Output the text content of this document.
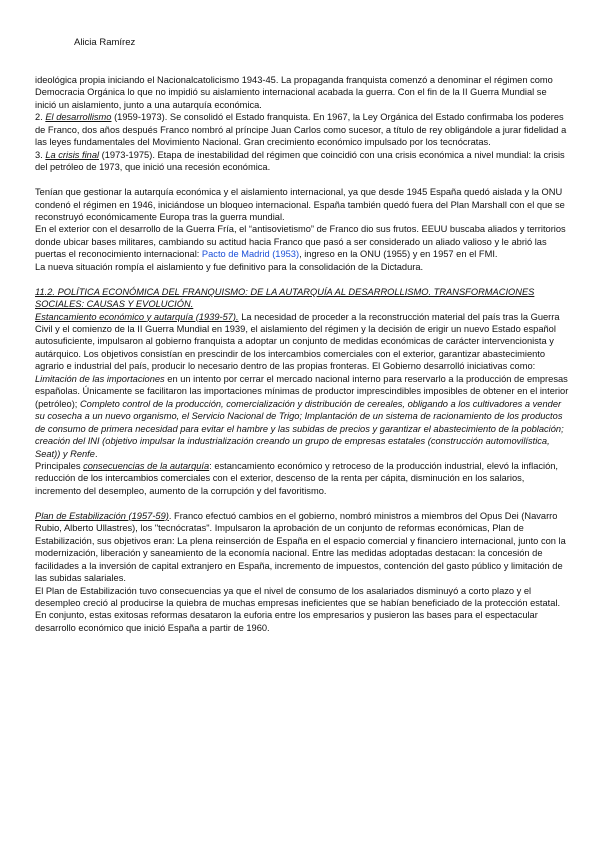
Alicia Ramírez

ideológica propia iniciando el Nacionalcatolicismo 1943-45. La propaganda franquista comenzó a denominar el régimen como Democracia Orgánica lo que no impidió su aislamiento internacional acabada la guerra. Con el fin de la II Guerra Mundial se inició un aislamiento, junto a una autarquía económica.

2. El desarrollismo (1959-1973). Se consolidó el Estado franquista. En 1967, la Ley Orgánica del Estado confirmaba los poderes de Franco, dos años después Franco nombró al príncipe Juan Carlos como sucesor, a título de rey obligándole a jurar fidelidad a las leyes fundamentales del Movimiento Nacional. Gran crecimiento económico impulsado por los tecnócratas.

3. La crisis final (1973-1975). Etapa de inestabilidad del régimen que coincidió con una crisis económica a nivel mundial: la crisis del petróleo de 1973, que inició una recesión económica.

Tenían que gestionar la autarquía económica y el aislamiento internacional, ya que desde 1945 España quedó aislada y la ONU condenó el régimen en 1946, iniciándose un bloqueo internacional. España también quedó fuera del Plan Marshall con el que se reconstruyó económicamente Europa tras la guerra mundial.

En el exterior con el desarrollo de la Guerra Fría, el “antisovietismo” de Franco dio sus frutos. EEUU buscaba aliados y territorios donde ubicar bases militares, cambiando su actitud hacia Franco que pasó a ser considerado un aliado valioso y le abrió las puertas el reconocimiento internacional: Pacto de Madrid (1953), ingreso en la ONU (1955) y en 1957 en el FMI.

La nueva situación rompía el aislamiento y fue definitivo para la consolidación de la Dictadura.

11.2. POLÍTICA ECONÓMICA DEL FRANQUISMO: DE LA AUTARQUÍA AL DESARROLLISMO. TRANSFORMACIONES SOCIALES: CAUSAS Y EVOLUCIÓN.

Estancamiento económico y autarquía (1939-57). La necesidad de proceder a la reconstrucción material del país tras la Guerra Civil y el comienzo de la II Guerra Mundial en 1939, el aislamiento del régimen y la decisión de erigir un nuevo Estado español autosuficiente, impulsaron al gobierno franquista a adoptar un conjunto de medidas económicas de carácter intervencionista y autárquico. Los objetivos consistían en prescindir de los intercambios comerciales con el exterior, garantizar abastecimiento agrario e industrial del país, producir lo necesario dentro de las propias fronteras. El Gobierno desarrolló iniciativas como: Limitación de las importaciones en un intento por cerrar el mercado nacional interno para reservarlo a la producción de empresas españolas. Únicamente se facilitaron las importaciones mínimas de productor imprescindibles imposibles de obtener en el interior (petróleo); Completo control de la producción, comercialización y distribución de cereales, obligando a los cultivadores a vender su cosecha a un nuevo organismo, el Servicio Nacional de Trigo; Implantación de un sistema de racionamiento de los productos de consumo de primera necesidad para evitar el hambre y las subidas de precios y garantizar el abastecimiento de la población; creación del INI (objetivo impulsar la industrialización creando un grupo de empresas estatales (construcción automovilística, Seat)) y Renfe.

Principales consecuencias de la autarquía: estancamiento económico y retroceso de la producción industrial, elevó la inflación, reducción de los intercambios comerciales con el exterior, descenso de la renta per cápita, disminución en los salarios, incremento del desempleo, aumento de la corrupción y del favoritismo.

Plan de Estabilización (1957-59). Franco efectuó cambios en el gobierno, nombró ministros a miembros del Opus Dei (Navarro Rubio, Alberto Ullastres), los "tecnócratas". Impulsaron la aprobación de un conjunto de reformas económicas, Plan de Estabilización, sus objetivos eran: La plena reinserción de España en el espacio comercial y financiero internacional, junto con la modernización, liberación y saneamiento de la economía nacional. Entre las medidas adoptadas destacan: la concesión de facilidades a la inversión de capital extranjero en España, incremento de impuestos, contención del gasto público y limitación de las subidas salariales.

El Plan de Estabilización tuvo consecuencias ya que el nivel de consumo de los asalariados disminuyó a corto plazo y el desempleo creció al producirse la quiebra de muchas empresas ineficientes que se habían beneficiado de la protección estatal. En conjunto, estas exitosas reformas desataron la euforia entre los empresarios y pusieron las bases para el espectacular desarrollo económico que inició España a partir de 1960.
